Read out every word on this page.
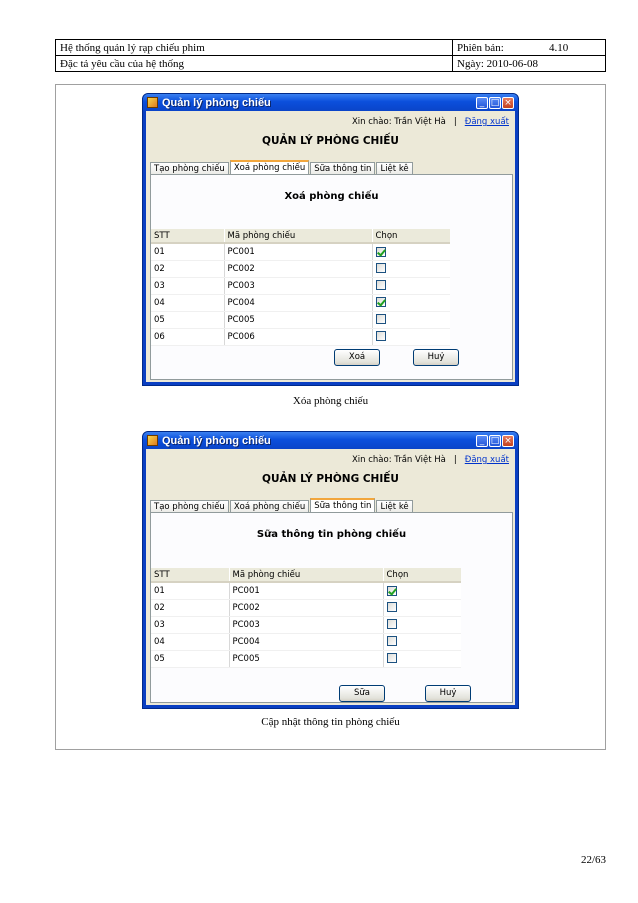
Hệ thống quản lý rạp chiếu phim	Phiên bản: 4.10

Đặc tả yêu cầu của hệ thống	Ngày: 2010-06-08
Quản lý phòng chiếu	_ □ ×
Xin chào: Trần Việt Hà | Đăng xuất
QUẢN LÝ PHÒNG CHIẾU
Tạo phòng chiếu	Xoá phòng chiếu	Sữa thông tin	Liệt kê
Xoá phòng chiếu
STT	Mã phòng chiếu	Chọn
01	PC001	
02	PC002	
03	PC003	
04	PC004	
05	PC005	
06	PC006	
Xoá	Huỷ
Xóa phòng chiếu
Quản lý phòng chiếu	_ □ ×
Xin chào: Trần Việt Hà | Đăng xuất
QUẢN LÝ PHÒNG CHIẾU
Tạo phòng chiếu	Xoá phòng chiếu	Sữa thông tin	Liệt kê
Sữa thông tin phòng chiếu
STT	Mã phòng chiếu	Chọn
01	PC001	
02	PC002	
03	PC003	
04	PC004	
05	PC005	
Sữa	Huỷ
Cập nhật thông tin phòng chiếu
22/63
